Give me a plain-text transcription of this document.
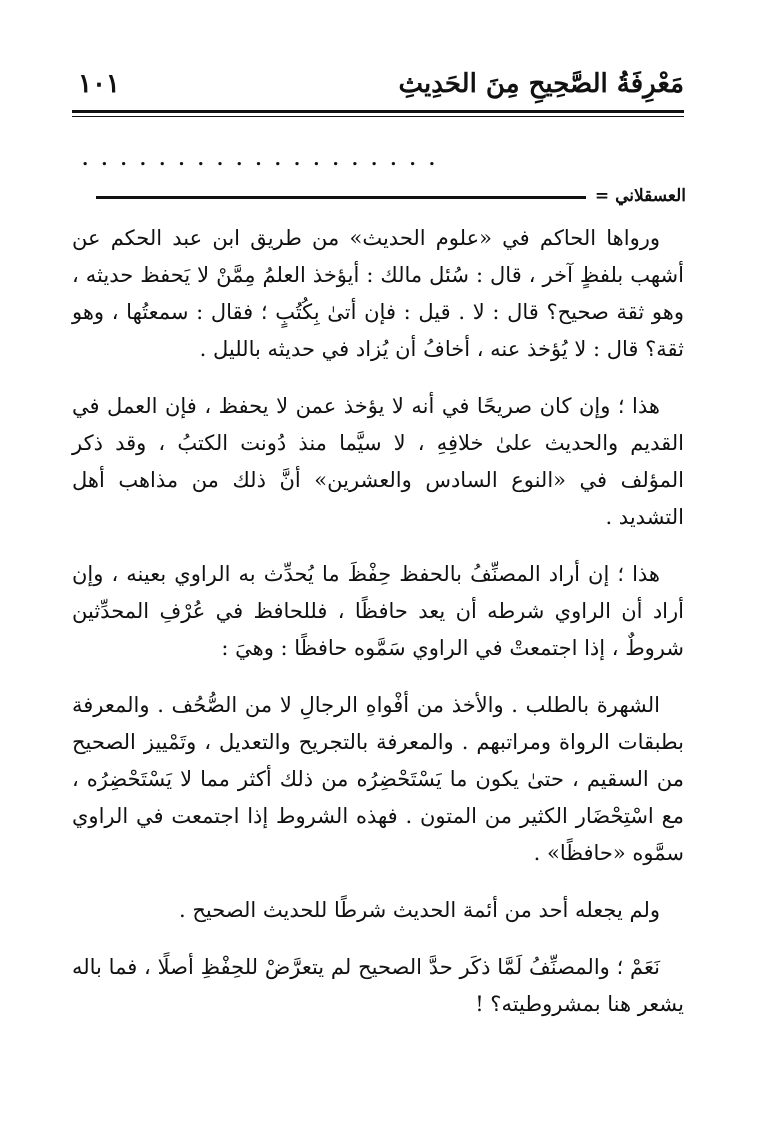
مَعْرِفَةُ الصَّحِيحِ مِنَ الحَدِيثِ
١٠١
...................
العسقلاني =

ورواها الحاكم في «علوم الحديث» من طريق ابن عبد الحكم عن أشهب بلفظٍ آخر ، قال : سُئل مالك : أيؤخذ العلمُ مِمَّنْ لا يَحفظ حديثه ، وهو ثقة صحيح؟ قال : لا . قيل : فإن أتىٰ بِكُتُبٍ ؛ فقال : سمعتُها ، وهو ثقة؟ قال : لا يُؤخذ عنه ، أخافُ أن يُزاد في حديثه بالليل .

هذا ؛ وإن كان صريحًا في أنه لا يؤخذ عمن لا يحفظ ، فإن العمل في القديم والحديث علىٰ خلافِهِ ، لا سيَّما منذ دُونت الكتبُ ، وقد ذكر المؤلف في «النوع السادس والعشرين» أنَّ ذلك من مذاهب أهل التشديد .

هذا ؛ إن أراد المصنِّفُ بالحفظ حِفْظَ ما يُحدِّث به الراوي بعينه ، وإن أراد أن الراوي شرطه أن يعد حافظًا ، فللحافظ في عُرْفِ المحدِّثين شروطٌ ، إذا اجتمعتْ في الراوي سَمَّوه حافظًا : وهيَ :

الشهرة بالطلب . والأخذ من أفْواهِ الرجالِ لا من الصُّحُف . والمعرفة بطبقات الرواة ومراتبهم . والمعرفة بالتجريح والتعديل ، وتَمْييز الصحيح من السقيم ، حتىٰ يكون ما يَسْتَحْضِرُه من ذلك أكثر مما لا يَسْتَحْضِرُه ، مع اسْتِحْضَار الكثير من المتون . فهذه الشروط إذا اجتمعت في الراوي سمَّوه «حافظًا» .

ولم يجعله أحد من أئمة الحديث شرطًا للحديث الصحيح .

نَعَمْ ؛ والمصنِّفُ لَمَّا ذكَر حدَّ الصحيح لم يتعرَّضْ للحِفْظِ أصلًا ، فما باله يشعر هنا بمشروطيته؟ !
